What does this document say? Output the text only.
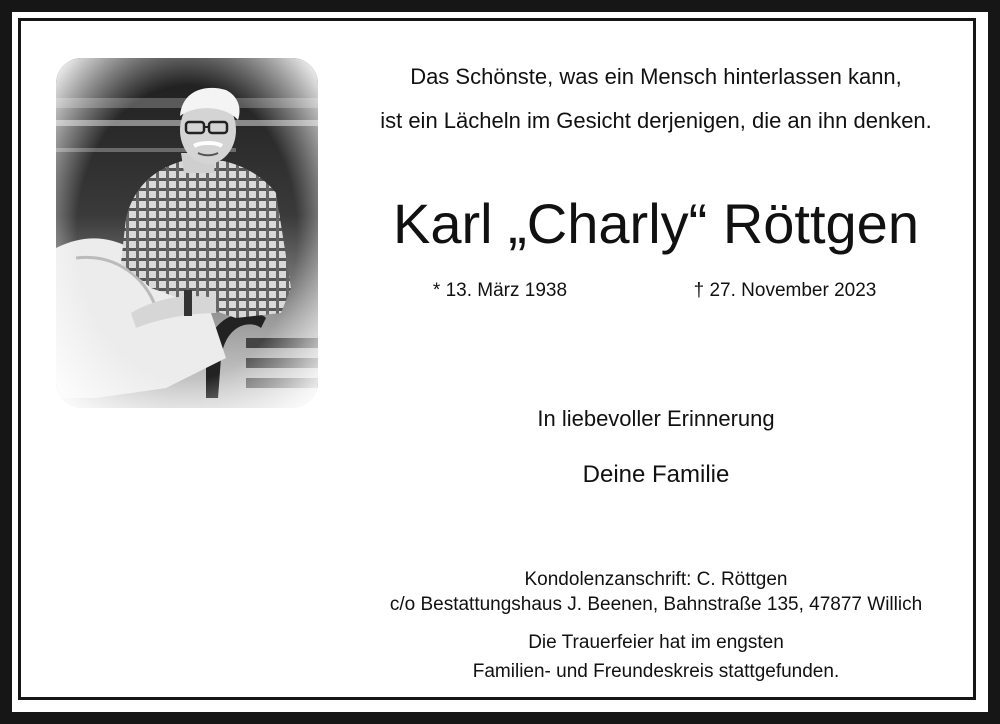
Das Schönste, was ein Mensch hinterlassen kann,
ist ein Lächeln im Gesicht derjenigen, die an ihn denken.
Karl „Charly“ Röttgen
* 13. März 1938	† 27. November 2023
In liebevoller Erinnerung
Deine Familie
Kondolenzanschrift: C. Röttgen
c/o Bestattungshaus J. Beenen, Bahnstraße 135, 47877 Willich
Die Trauerfeier hat im engsten
Familien- und Freundeskreis stattgefunden.
